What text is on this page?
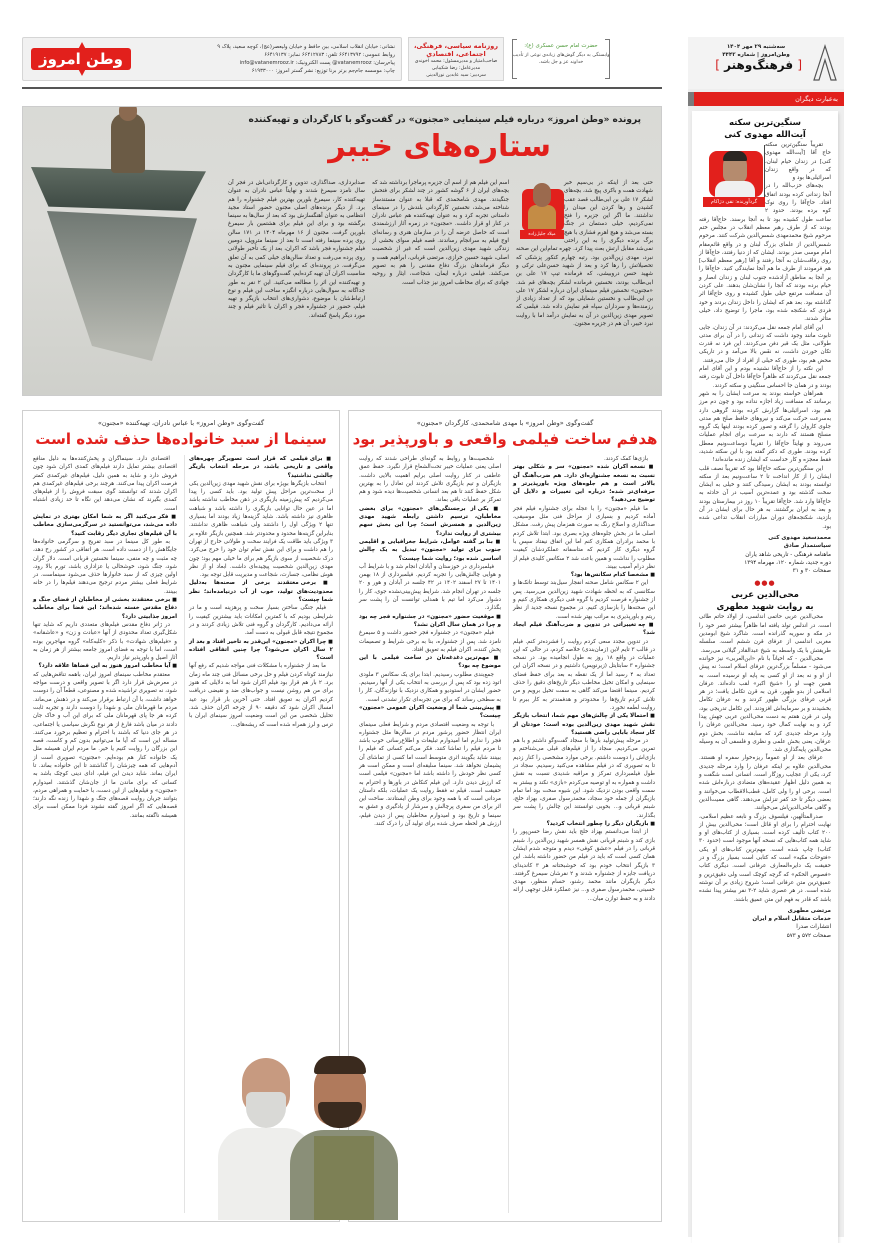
وطن امروز
نشانی: خیابان انقلاب اسلامی، بین حافظ و خیابان ولیعصر(عج)، کوچه سعید، پلاک ۹
روابط عمومی: ۶۶۴۱۳۷۹۲ تلفن: ۶۶۴۱۲۷۸۳ نمابر: ۶۶۴۱۹۱۳۷
پیام‌رسان: vatanemrooz@ پست الکترونیک: info@vatanemrooz.ir
چاپ: موسسه جام‌جم برتر برنا توزیع: نشر گستر امروز: ۶۱۹۳۳۰۰۰
روزنامه سیاسی، فرهنگی، اجتماعی، اقتصادی
صاحب‌امتیاز و مدیرمسئول: محمد آخوندی
مدیرعامل: رضا شکیبایی
سردبیر: سید عابدین نورالدینی
حضرت امام حسن عسکری (ع):
وابستگی به دیگر گوش‌های زبانه‌ی نوعی از تأدیب خداوند عز و جل باشد.
سه‌شنبه ۲۹ مهر ۱۴۰۴
وطن‌امروز | شماره ۴۴۴۲
[ فرهنگ‌وهنر ]
به‌عبارت دیگران
سنگین‌ترین سکته
آیت‌الله مهدوی کنی
گردآورنده: تقی دژاکام

تقریباً سنگین‌ترین سکته حاج آقا [آیت‌الله مهدوی کنی] در زندان خیام لبنان، که در واقع زندان اسرائیلی‌ها بود و

بچه‌های حزب‌الله را در آنجا زندانی کرده بودند اتفاق افتاد. حاج‌آقا را روی نوک کوه برده بودند. حدود ۲ ساعت طول کشیده بود تا به آنجا برسند. حاج‌آقا رفته بودند که از طرف رهبر معظم انقلاب در مجلس ختم مرحوم شیخ محمدمهدی شمس‌الدین شرکت کنند. مرحوم شمس‌الدین از علمای بزرگ لبنان و در واقع قائم‌مقام امام موسی صدر بودند. ایشان که از دنیا رفتند، حاج‌آقا از روی رفاقت‌شان به آنجا رفتند و آقا [رهبر معظم انقلاب] هم فرمودند از طرف ما هم آنجا نمایندگی کنید. حاج‌آقا را بر آنجا به مناطق آزادشده جنوب لبنان و زندان انصار و خیام برده بودند که آنجا را نشان‌شان بدهند. علی کردن آن مسافت مرتفع خیلی طول کشیده و روی حاج‌آقا اثر گذاشته بود. بعد هم که ایشان را داخل زندان بردند و خود فردی که شکنجه شده بود، ماجرا را توضیح داد، خیلی متأثر شدند.

این آقای امام جمعه نقل می‌کردند: در آن زندان، جایی تابوت مانند وجود داشت که زندانی را در آن برای مدتی طولانی، مثل یک قبر دفن می‌کردند. این فرد نه قدرت تکان خوردن داشت، نه نفَس بالا می‌آمد و در تاریکی محض هم بود، طوری که خیلی از افراد از حال می‌رفتند.

این نکته را از حاج‌آقا نشنیده بودم و این آقای امام جمعه نقل می‌کردند که ظاهراً حاج‌آقا داخل آن تابوت رفته بودند و در همان جا احساس سنگینی و سکته کردند.

همراهان خواسته بودند به سرعت ایشان را به شهر برسانند که مسافت زیاد اجازه نداده بود و چون دم مرز هم بود، اسرائیلی‌ها گزارش کرده بودند گروهی دارد به‌سرعت حرکت می‌کند و نیروهای حافظ صلح هم مدتی جلوی کاروان را گرفته و تصور کرده بودند اینها یک گروه مسلح هستند که دارند به سرعت برای انجام عملیات می‌روند و نهایتاً حاج‌آقا را تقریباً دوساعت‌ونیم معطل کرده بودند. طوری که دکتر گفته بود با این سکته شدید، فقط معجزه و کار خداست که ایشان زنده مانده‌اند!

این سنگین‌ترین سکته حاج‌آقا بود که تقریباً نصف قلب ایشان را از کار انداخت تا ۲ ساعت‌ونیم بعد از سکته توانسته بودند به ایشان رسیدگی کنند و خیلی به ایشان سخت گذشته بود و عمده‌ترین آسیب در آن حادثه به حاج‌آقا وارد شد. حاج‌آقا تقریباً ۱۰ روز در بیمارستان بودند و بعد به ایران برگشتند. به هر حال برای ایشان در آن بازدید، شکنجه‌های دوران مبارزات انقلاب تداعی شده بود.

محمدسعید مهدوی کنی
سیاستمدار صادق
ماهنامه فرهنگی - تاریخی شاهد یاران
دوره جدید، شماره ۱۲۰، مهرماه ۱۳۹۴
صفحات ۳۰ و ۳۱
●●●
محی‌الدین عربی
به روایت شهید مطهری

محی‌الدین عربی حاتمی اندلسی، از اولاد حاتم طائی است. در اندلس تولد یافته اما ظاهراً بیشتر عمر خود را در مکه و سوریه گذرانده است. شاگرد شیخ ابومدین مغربی اندلسی از عرفای قرن ششم است. سلسله طریقتش با یک واسطه به شیخ عبدالقادر گیلانی می‌رسد.

محی‌الدین - که احیاناً با نام «ابن‌العربی» نیز خوانده می‌شود - مسلماً بزرگ‌ترین عرفای اسلام است؛ نه پیش از او و نه بعد از او کسی به پایه او نرسیده است. به همین جهت او را «شیخ اکبر» لقب داده‌اند. عرفان اسلامی از بدو ظهور، قرن به قرن تکامل یافت؛ در هر قرنی عرفای بزرگی ظهور کردند و به عرفان تکامل بخشیدند و بر سرمایه‌اش افزودند. این تکامل تدریجی بود، ولی در قرن هفتم به دست محی‌الدین عربی جهش پیدا کرد و به نهایت کمال خود رسید. محی‌الدین عرفان را وارد مرحله جدیدی کرد که سابقه نداشت. بخش دوم عرفان، یعنی بخش علمی و نظری و فلسفی آن به وسیله محی‌الدین پایه‌گذاری شد.

عرفای بعد از او عموماً ریزه‌خوار سفره او هستند. محی‌الدین علاوه بر اینکه عرفان را وارد مرحله جدیدی کرد، یکی از عجایب روزگار است. انسانی است شگفت و به همین دلیل اظهار عقیده‌های متضادی درباره‌اش شده است. برخی او را ولی کامل، قطب‌الاقطاب می‌خوانند و بعضی دیگر تا حد کفر تنزلش می‌دهند. گاهی ممیت‌الدین و گاهی ماحی‌الدین‌اش می‌خوانند.

صدرالمتألهین، فیلسوف بزرگ و نابغه عظیم اسلامی، نهایت احترام را برای او قائل است؛ محی‌الدین بیش از ۲۰۰ کتاب تألیف کرده است. بسیاری از کتاب‌های او و شاید همه کتاب‌هایی که نسخه آنها موجود است (حدود ۳۰ کتاب) چاپ شده است. مهم‌ترین کتاب‌های او یکی «فتوحات مکیه» است که کتابی است بسیار بزرگ و در حقیقت یک دایره‌المعارف عرفانی است. دیگری کتاب «فصوص الحکم» که گرچه کوچک است ولی دقیق‌ترین و عمیق‌ترین متن عرفانی است؛ شروح زیادی بر آن نوشته شده است. در هر عصری شاید ۲-۳ نفر بیشتر پیدا نشده باشد که قادر به فهم این متن عمیق باشند.

مرتضی مطهری
خدمات متقابل اسلام و ایران
انتشارات صدرا
صفحات ۵۷۲ و ۵۷۳
پرونده «وطن امروز» درباره فیلم سینمایی «مجنون» در گفت‌وگو با کارگردان و تهیه‌کننده
ستاره‌های خیبر
میلاد جلیل‌زاده
حتی بعد از اینکه در بی‌سیم خبر شهادت همت و باکری پیچ شد، بچه‌های لشکر ۱۷ علی بن ابی‌طالب قصد عقب کشیدن و رها کردن این میدان را نداشتند. ما اگر این جزیره را فتح نمی‌کردیم، خیلی دستمان در جنگ بسته می‌شد و هیچ اهرم فشاری با هیچ برگ برنده دیگری را به این راحتی نمی‌شد مقابل ارتش بعث پیدا کرد. چهره تمام‌این این صحنه نبرد، مهدی زین‌الدین بود. رتبه چهارم کنکور پزشکی که تحصیلاتش را رها کرد و بعد از شهید حسن‌علی ترکی و شهید حسن دروبیشی، که فرمانده تیپ ۱۷ علی بن ابی‌طالب بودند، نخستین فرمانده لشکر بچه‌های قم شد. «مجنون» نخستین فیلم سینمای ایران درباره لشکر ۱۷ علی بن ابی‌طالب و نخستین شمایلی بود که از تعداد زیادی از رزمنده‌ها و سرداران سپاه قم نمایش داده شد. فیلمی که تصویر مهدی زین‌الدین در آن به نمایش درآمد اما با روایت نبرد خیبر، آن هم در جزیره مجنون.
اسم این فیلم هم از اسم آن جزیره پرماجرا برداشته شد که بچه‌های ایران از ۶ گوشه کشور در چند لشکر برای فتحش جنگیدند. مهدی شامحمدی که قبلا به عنوان مستندساز شناخته می‌شد، نخستین کارگردانی بلندش را در سینمای داستانی تجربه کرد و به عنوان تهیه‌کننده هم عباس نادران در کنار او قرار داشت. «مجنون» در زمره آثار ارزشمندی است که حاصل عرضه آن را در سازمان هنری و رسانه‌ای اوج فیلم به سرانجام رساندند. قصه فیلم سوای بخشی از زندگی شهید مهدی زین‌الدین است که غیر از شخصیت اصلی، شهید حسین خرازی، مرتضی قربانی، ابراهیم همت و دیگر فرماندهان بزرگ دفاع مقدس را هم به تصویر می‌کشد. فیلمی درباره ایمان، شجاعت، ایثار و روحیه جهادی که برای مخاطب امروز نیز جذاب است.
صدابرداری، صداگذاری، تدوین و کارگردانی‌اش در فجر آن سال نامزد سیمرغ شدند و نهایتاً عباس نادران به عنوان تهیه‌کننده کار، سیمرغ بلورین بهترین فیلم جشنواره را هم برد. از دیگر برنده‌های اصلی مجنون حضور استاد مجید انتظامی به عنوان آهنگسازش بود که بعد از سال‌ها به سینما برگشته بود و برای این فیلم برای هشتمین بار سیمرغ بلورین گرفت. مجنون از ۱۶ مهرماه ۱۴۰۴ در ۱۷۱ سالن روی پرده سینما رفته است تا بعد از سینما متروپل، دومین فیلم جشنواره فجر باشد که اکران، بعد از یک تأخیر طولانی روی پرده می‌رفت و تعداد سالن‌های خیلی کمی به آن تعلق می‌گرفت. در پرونده‌ای که برای فیلم سینمایی مجنون به مناسبت اکران آن تهیه کرده‌ایم، گفت‌وگوهای ما با کارگردان و تهیه‌کننده این اثر را مطالعه می‌کنید. این ۲ نفر به طور جداگانه به سوال‌هایی درباره انگیزه ساخت این فیلم و نوع ارتباط‌شان با موضوع، دشواری‌های انتخاب بازیگر و تهیه فیلم، حضور در جشنواره فجر و اکران با تاثیر فیلم و چند مورد دیگر پاسخ گفته‌اند.
گفت‌وگوی «وطن امروز» با مهدی شامحمدی، کارگردان «مجنون»
هدفم ساخت فیلمی واقعی و باورپذیر بود

بازی‌ها کمک کردند.

■ نسخه اکران شده «مجنون» سر و شکلی بهتر نسبت به نسخه جشنواره‌ای دارد. هم ضرب‌آهنگ آن بالاتر است و هم جلوه‌های ویژه باورپذیرتر و حرفه‌ای‌تر شده؛ درباره این تغییرات و دلایل آن توضیح می‌دهید؟

ما فیلم «مجنون» را با عجله برای جشنواره فیلم فجر آماده کردیم و بسیاری از مراحل فنی مثل موسیقی، صداگذاری و اصلاح رنگ به صورت همزمان پیش رفت. مشکل اصلی ما در بخش جلوه‌های ویژه بصری بود. ابتدا تلاش کردم با محمد برادران همکاری کنم اما این اتفاق نیفتاد سپس با گروه دیگری کار کردیم که متاسفانه عملکردشان کیفیت مطلوب را نداشت و همین باعث شد ۲ سکانس کلیدی فیلم از نظر درام آسیب ببیند.

■ مشخصا کدام سکانس‌ها بود؟

این ۲ سکانس شامل صحنه انفجار سیل‌بند توسط تانک‌ها و سکانسی که به لحظه شهادت شهید زین‌الدین می‌رسید. پس از جشنواره فرصت کردیم با گروه فنی دیگری همکاری کنیم و این صحنه‌ها را بازسازی کنیم. در مجموع نسخه جدید از نظر ریتم و باورپذیری به مراتب بهتر شده است.

■ چه تغییراتی در تدوین و ضرب‌آهنگ فیلم ایجاد شد؟

در تدوین مجدد سعی کردم روایت را فشرده‌تر کنم. فیلم در قالب ۳ تایم لاین (زمان‌بندی) خلاصه کردم، در حالی که این عملیات در واقع ۱۸ روز به طول انجامیده بود. در نسخه جشنواره ۳ سابتایتل (زیرنویس) داشتیم و در نسخه اکران این تعداد به ۴ رسید اما از یک نقطه به بعد برای حفظ فضای سینمایی و امکان تخیل مخاطب دیگر تاریخ‌های دقیق را حذف کردیم. سینما اقتضا می‌کند گاهی به سمت تخیل برویم و من تلاش کردم تاریخ‌ها را محدودتر و هدفمندتر به کار ببرم تا روایت لطمه نخورد.

■ احتمالا یکی از چالش‌های مهم شما، انتخاب بازیگر نقش شهید مهدی زین‌الدین بوده است؛ خودتان از کار سجاد بابایی راضی هستید؟

در مرحله پیش‌تولید بارها با سجاد گفت‌وگو داشتم و با هم تمرین می‌کردیم. سجاد را از فیلم‌های قبلی می‌شناختم و بازی‌اش را دوست داشتم. برخی موارد مشخصی را کنار زدیم تا به تصویری که در فیلم مشاهده می‌کنید رسیدیم. سجاد در طول فیلمبرداری تمرکز و مراقبه شدیدی نسبت به نقش داشت و همواره به او توصیه می‌کردم «بازی» نکند و بیشتر به سمت واقعی بودن نزدیک شود. این شیوه سخت بود اما تمام بازیگران از جمله خود سجاد، محمدرسول صفری، بهزاد خلج، شبنم قربانی و... بخوبی توانستند این چالش را پشت سر بگذارند.

■ بازیگران دیگر را چطور انتخاب کردید؟

از ابتدا می‌دانستم بهزاد خلج باید نقش رضا حسن‌پور را بازی کند و شبنم قربانی نقش همسر شهید زین‌الدین را. شبنم قربانی را در فیلم «عشق کوفی» دیدم و متوجه شدم ایشان همان کسی است که باید در فیلم من حضور داشته باشد. این ۳ بازیگر انتخاب خودم بود که خوشبختانه هر ۳ کاندیدای دریافت جایزه از جشنواره شدند و ۲ نفرشان سیمرغ گرفتند. دیگر بازیگران مانند محمد رشنو، حسام منظور، مهدی حسینی، محمدرسول صفری و... نیز عملکرد قابل توجهی ارائه دادند و به حفظ توازن میان...

شخصیت‌ها و روابط به گونه‌ای طراحی شدند که روایت اصلی یعنی عملیات خیبر تحت‌الشعاع قرار نگیرد. حفظ عمق عاطفی در کنار روایت اصلی برایم اهمیت بالایی داشت. بازیگران و تیم بازیگری تلاش کردند این تعادل را به بهترین شکل حفظ کنند تا هم بعد انسانی شخصیت‌ها دیده شود و هم تمرکز بر عملیات باقی بماند.

■ یکی از برجستگی‌های «مجنون» برای بعضی مخاطبان، ترسیم داشتن رابطه شهید مهدی زین‌الدین و همسرش است؛ چرا این بخش سهم بیشتری از روایت ندارد؟

■ بنا بر گفته عوامل، شرایط جغرافیایی و اقلیمی جنوب برای تولید «مجنون» تبدیل به یک چالش اساسی شده بود؛ روایت شما چیست؟

فیلمبرداری در خوزستان و آبادان انجام شد و با شرایط آب و هوایی چالش‌هایی را تجربه کردیم. فیلمبرداری از ۱۸ بهمن ۱۴۰۱ تا ۲۷ اسفند ۱۴۰۲ در ۴۲ جلسه در آبادان و هور و ۲۰ جلسه در تهران انجام شد. شرایط پیش‌بینی‌نشده جوی، کار را دشوار می‌کرد اما تیم با همدلی توانست آن را پشت سر بگذارد.

■ موقعیت حضور «مجنون» در جشنواره فجر چه بود و چرا در همان سال اکران نشد؟

فیلم «مجنون» در جشنواره فجر حضور داشت و ۵ سیمرغ نامزد شد. پس از جشنواره، بنا به برخی شرایط و تصمیمات پخش کننده، اکران فیلم به تعویق افتاد.

■ مهم‌ترین دغدغه‌تان در ساخت فیلمی با این موضوع چه بود؟

جمع‌بندی مطلوب رسیدیم. ابتدا برای یک سکانس ۳ ملودی اتود زده بود که پس از بررسی به انتخاب یکی از آنها رسیدیم. حضور ایشان در استودیو و همکاری نزدیک با نوازندگان، کار را به سطحی رساند که برای من تجربه‌ای تکرار نشدنی است.

■ پیش‌بینی شما از وضعیت اکران عمومی «مجنون» چیست؟

با توجه به وضعیت اقتصادی مردم و شرایط فعلی سینمای ایران انتظار حضور پرشور مردم در سالن‌ها مثل جشنواره فجر را ندارم اما امیدوارم تبلیغات و اطلاع‌رسانی خوب باشد تا مردم فیلم را تماشا کنند. فکر می‌کنم کسانی که فیلم را ببینند شاید بگویند اثری متوسط است اما کسی از تماشای آن پشیمان نخواهد شد. سینما سلیقه‌ای است و ممکن است هر کسی نظر خودش را داشته باشد اما «مجنون» فیلمی است که ارزش دیدن دارد. این فیلم کنکاش در باورها و احترام به حقیقت است. فیلم نه فقط روایت یک عملیات، بلکه داستان مردانی است که با همه وجود برای وطن ایستادند. ساخت این اثر برای من سفری پرچالش و سرشار از یادگیری و عشق به سینما و تاریخ بود و امیدوارم مخاطبان پس از دیدن فیلم، ارزش هر لحظه صرف شده برای تولید آن را درک کنند.

گفت‌وگوی «وطن امروز» با عباس نادران، تهیه‌کننده «مجنون»
سینما از سبد خانواده‌ها حذف شده است

■ برای فیلمی که قرار است تصویرگر چهره‌های واقعی و تاریخی باشد، در مرحله انتخاب بازیگر چالشی نداشتید؟

انتخاب بازیگرها بویژه برای نقش شهید مهدی زین‌الدین یکی از سخت‌ترین مراحل پیش تولید بود. باید کسی را پیدا می‌کردیم که پیش‌زمینه بازیگری در ذهن مخاطب نداشته باشد اما در عین حال توانایی بازیگری را داشته باشد و شباهت ظاهری نیز داشته باشد. شاید گزینه‌ها زیاد بودند اما بسیاری تنها ۲ ویژگی اول را داشتند ولی شباهت ظاهری نداشتند. بنابراین گزینه‌ها محدود و محدودتر شد. همچنین بازیگر علاوه بر ۳ ویژگی باید طاقت یک فرایند سخت و طولانی خارج از تهران را هم داشت و برای این نقش تمام توان خود را خرج می‌کرد. درک شخصیت از سوی بازیگر هم برای ما خیلی مهم بود؛ چون مهدی زین‌الدین شخصیت پیچیده‌ای داشت. ابعاد او از نظر هوش نظامی، جسارت، شجاعت و مدیریت قابل توجه بود.

■ برخی معتقدند برخی از صحنه‌ها به‌دلیل محدودیت‌های تولید، خوب از آب درنیامده‌اند؛ نظر شما چیست؟

فیلم جنگی ساختن بسیار سخت و پرهزینه است و ما در شرایطی بودیم که با کمترین امکانات باید بیشترین کیفیت را ارائه می‌دادیم. کارگردان و گروه فنی تلاش زیادی کردند و در مجموع نتیجه قابل قبولی به دست آمد.

■ چرا اکران «مجنون» این‌قدر به تاخیر افتاد و بعد از ۲ سال اکران می‌شود؟ چرا چنین اتفاقی افتاده است؟

ما بعد از جشنواره با مشکلات فنی مواجه شدیم که رفع آنها نیازمند کوتاه کردن فیلم و حل برخی مسائل فنی چند ماه زمان برد. ۲ بار هم قرار بود فیلم اکران شود اما به دلایلی که هنوز برای من هم روشن نیست و جواب‌های ضد و نقیضی دریافت کردیم اکران به تعویق افتاد. حتی آخرین بار قرار بود عید امسال اکران شود که دقیقه ۹۰ از چرخه اکران حذف شد. تحلیل شخصی من این است وضعیت امروز سینمای ایران با ترس و لرز همراه شده است که ریشه‌های...

اقتصادی دارد. سینماگران و پخش‌کننده‌ها به دلیل منافع اقتصادی بیشتر تمایل دارند فیلم‌های کمدی اکران شود چون فروش دارد و شاید به همین دلیل، فیلم‌های غیرکمدی کمتر فرصت اکران پیدا می‌کنند. هرچند برخی فیلم‌های غیرکمدی هم اکران شدند که توانستند گوی سبقت فروش را از فیلم‌های کمدی بگیرند که نشان می‌دهد این نگاه تا حد زیادی اشتباه است.

■ فکر می‌کنید اگر به شما امکان بهتری در نمایش داده می‌شد، می‌توانستید در سرگرمی‌سازی مخاطب با آن فیلم‌های تجاری دیگر رقابت کنید؟

به طور کل سینما در سبد تفریح و سرگرمی خانواده‌ها جایگاهش را از دست داده است. هر اتفاقی در کشور رخ دهد، چه مثبت و چه منفی، سینما نخستین قربانی است. دلار گران شود، جنگ شود، خوشحالی یا عزاداری باشد، تورم بالا رود، اولین چیزی که از سبد خانوارها حذف می‌شود سینماست. در شرایط فعلی بیشتر مردم ترجیح می‌دهند فیلم‌ها را در خانه ببینند.

■ برخی معتقدند بخشی از مخاطبان از فضای جنگ و دفاع مقدس خسته شده‌اند؛ این فضا برای مخاطب امروز جذابیتی دارد؟

در ژانر دفاع مقدس فیلم‌های متعددی داریم که شاید تنها شکل‌گیری تعداد محدودی از آنها «عبادت و زن» و «عاشقانه» و «فیلم‌های شهادت» با ذکر «کلبه‌کاه» گروه مهاجرین بوده است، اما با توجه به فضای امروز جامعه بیشتر از هر زمان به آثار اصیل و باورپذیر نیاز داریم.

■ آیا مخاطب امروز هنوز به این فضاها علاقه دارد؟

معتقدم مخاطب سینمای امروز ایران، باهمه تناقض‌هایی که در معرض‌ش قرار دارد اگر با تصویر واقعی و درست مواجه شود، نه تصویری تراشیده شده و مصنوعی، قطعاً آن را دوست خواهد داشت، با آن ارتباط برقرار می‌کند و در ذهنش می‌ماند. مردم ما قهرمانان ملی و شهدا را دوست دارند و تجربه ثابت کرده هر جا پای قهرمانان ملی که برای این آب و خاک جان دادند در میان باشد فارغ از هر نوع نگرش سیاسی یا اجتماعی، در هر جای دنیا که باشند با احترام و تعظیم برخورد می‌کنند. مساله این است که آیا ما می‌توانیم بدون کم و کاست، قصه این بزرگان را روایت کنیم یا خیر. ما مردم ایران همیشه مثل یک خانواده کنار هم بوده‌ایم. «مجنون» تصویری است از آدم‌هایی که همه چیزشان را گذاشتند تا این خانواده بماند. تا ایران بماند. شاید دیدن این فیلم، ادای دینی کوچک باشد به کسانی که برای ماندن ما از جان‌شان گذشتند. امیدوارم «مجنون» و فیلم‌هایی از این دست، با حمایت و همراهی مردم، بتوانند جریان روایت قصه‌های جنگ و شهدا را زنده نگه دارند؛ قصه‌هایی که اگر امروز گفته نشوند فردا ممکن است برای همیشه ناگفته بمانند.
